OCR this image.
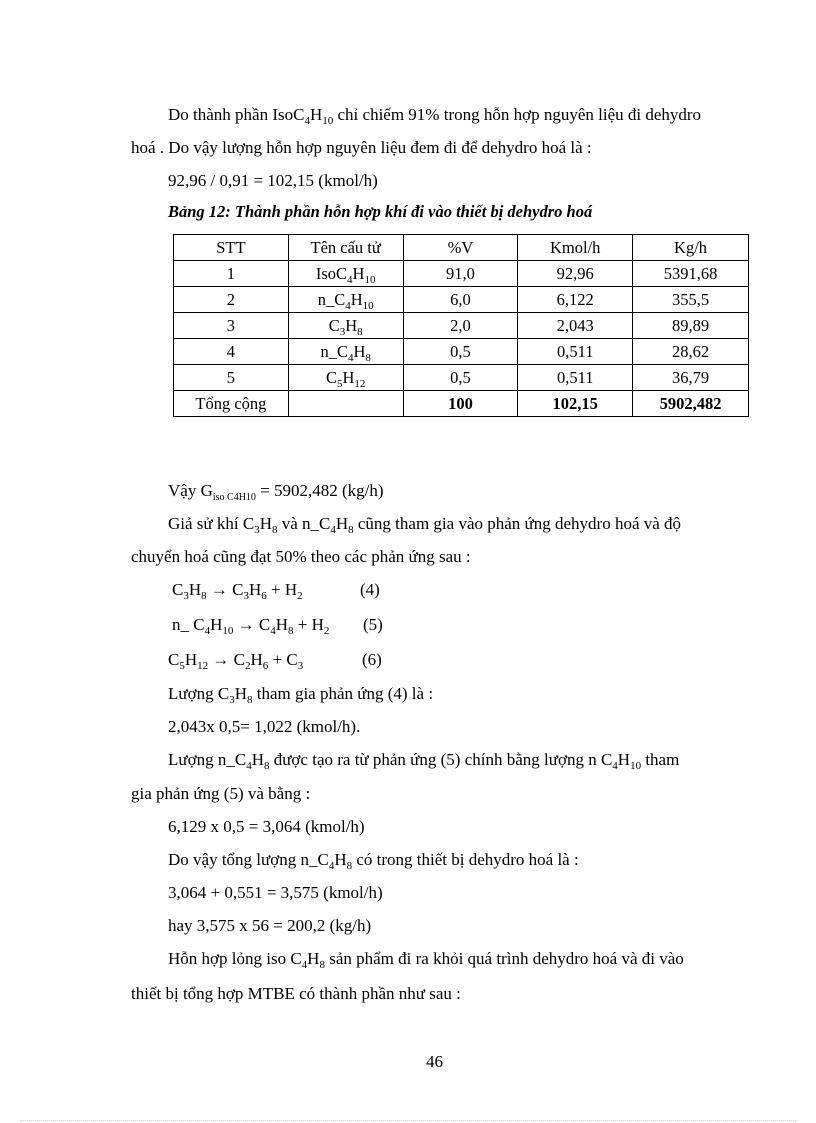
Do thành phần $IsoC_4H_{10}$ chỉ chiếm 91% trong hỗn hợp nguyên liệu đi dehydro
hoá . Do vậy lượng hỗn hợp nguyên liệu đem đi để dehydro hoá là :
92,96 / 0,91 = 102,15 (kmol/h)
Bảng 12: Thành phần hỗn hợp khí đi vào thiết bị dehydro hoá
STT	Tên cấu tử	%V	Kmol/h	Kg/h
1	$IsoC_4H_{10}$	91,0	92,96	5391,68
2	$n\_C_4H_{10}$	6,0	6,122	355,5
3	$C_3H_8$	2,0	2,043	89,89
4	$n\_C_4H_8$	0,5	0,511	28,62
5	$C_5H_{12}$	0,5	0,511	36,79
Tổng cộng		100	102,15	5902,482
Vậy $G_{iso C4H10} = 5902,482$ (kg/h)
Giả sử khí $C_3H_8$ và $n\_C_4H_8$ cũng tham gia vào phản ứng dehydro hoá và độ
chuyển hoá cũng đạt 50% theo các phản ứng sau :
$C_3H_8 \to C_3H_6 + H_2$	(4)
n_ $C_4H_{10} \to C_4H_8 + H_2$ (5)
$C_5H_{12} \to C_2H_6 + C_3$	(6)
Lượng $C_3H_8$ tham gia phản ứng (4) là :
2,043x 0,5= 1,022 (kmol/h).
Lượng $n\_C_4H_8$ được tạo ra từ phản ứng (5) chính bằng lượng n $C_4H_{10}$ tham
gia phản ứng (5) và bằng :
6,129 x 0,5 = 3,064 (kmol/h)
Do vậy tổng lượng $n\_C_4H_8$ có trong thiết bị dehydro hoá là :
3,064 + 0,551 = 3,575 (kmol/h)
hay 3,575 x 56 = 200,2 (kg/h)
Hỗn hợp lỏng iso $C_4H_8$ sản phẩm đi ra khỏi quá trình dehydro hoá và đi vào
thiết bị tổng hợp MTBE có thành phần như sau :
46
